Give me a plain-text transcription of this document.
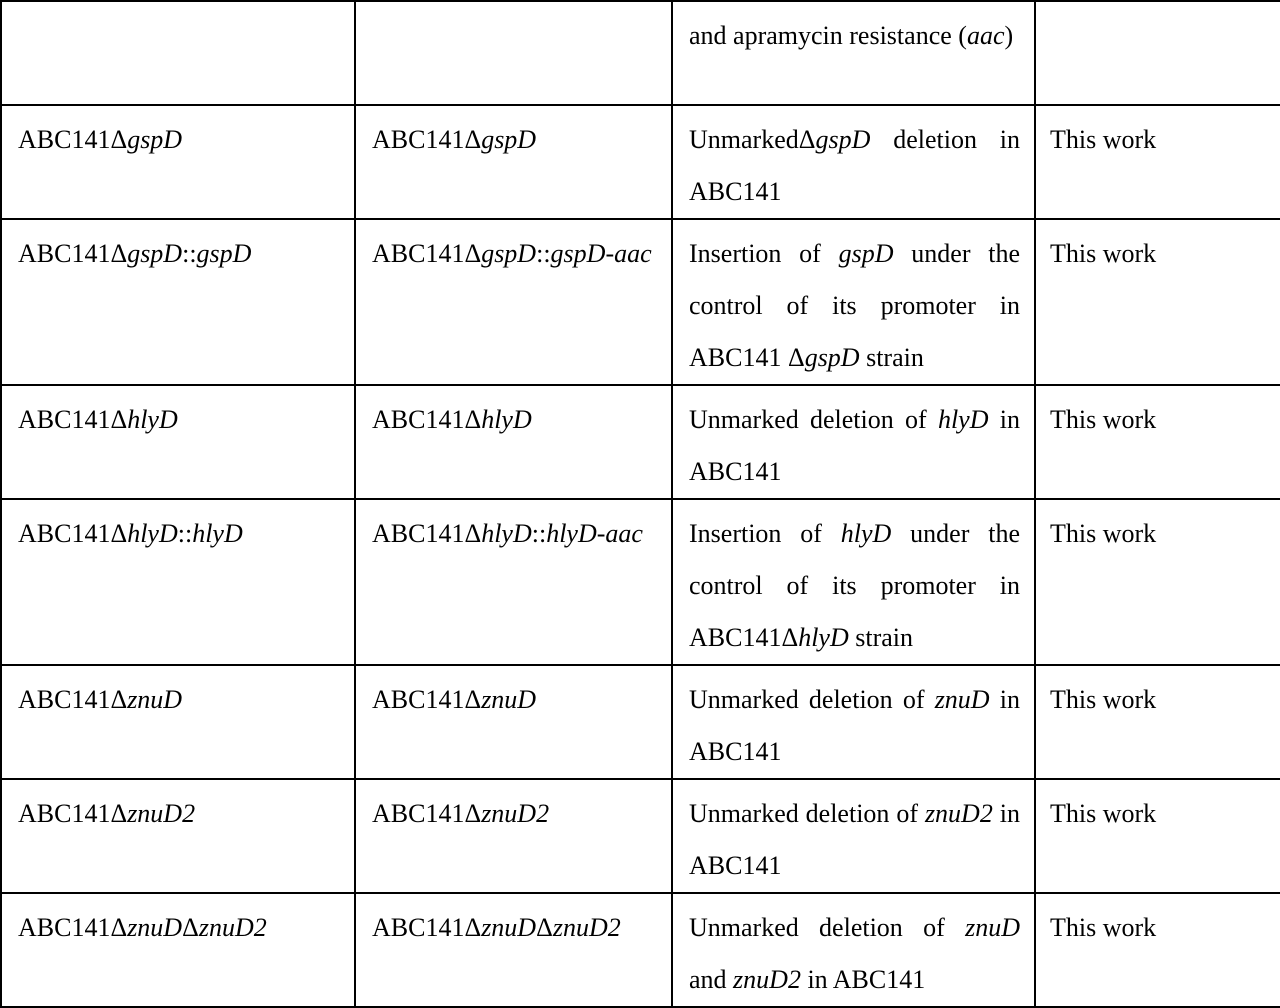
		and apramycin resistance (aac)	
ABC141ΔgspD	ABC141ΔgspD	UnmarkedΔgspD deletion in ABC141	This work
ABC141ΔgspD::gspD	ABC141ΔgspD::gspD-aac	Insertion of gspD under the control of its promoter in ABC141 ΔgspD strain	This work
ABC141ΔhlyD	ABC141ΔhlyD	Unmarked deletion of hlyD in ABC141	This work
ABC141ΔhlyD::hlyD	ABC141ΔhlyD::hlyD-aac	Insertion of hlyD under the control of its promoter in ABC141ΔhlyD strain	This work
ABC141ΔznuD	ABC141ΔznuD	Unmarked deletion of znuD in ABC141	This work
ABC141ΔznuD2	ABC141ΔznuD2	Unmarked deletion of znuD2 in ABC141	This work
ABC141ΔznuDΔznuD2	ABC141ΔznuDΔznuD2	Unmarked deletion of znuD and znuD2 in ABC141	This work
